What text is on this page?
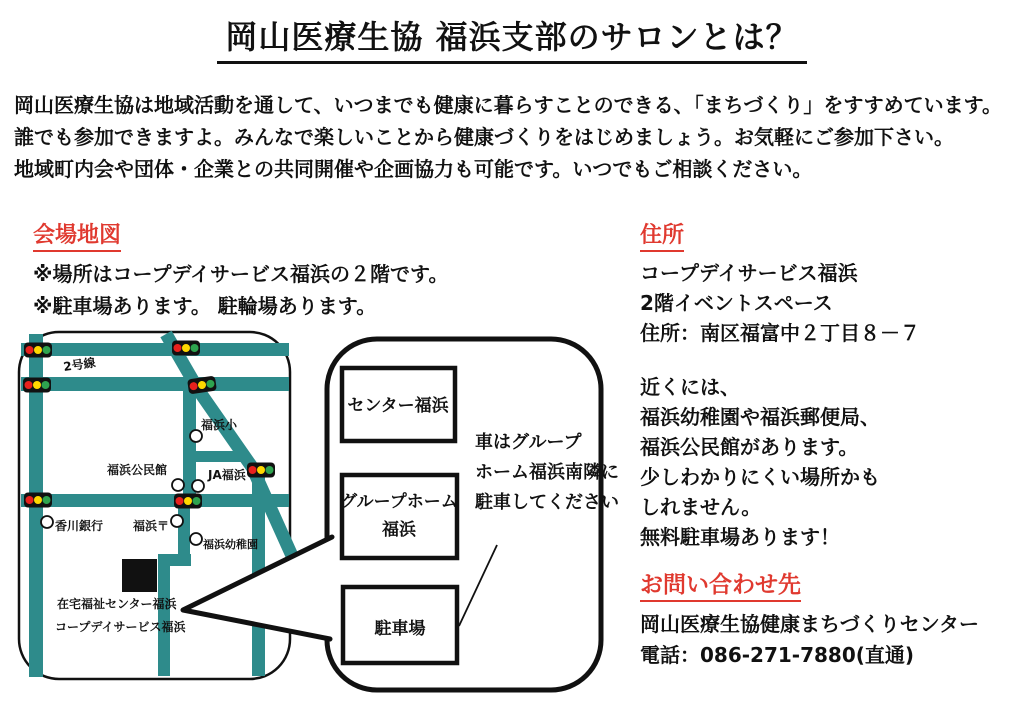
岡山医療生協 福浜支部のサロンとは？
岡山医療生協は地域活動を通して、いつまでも健康に暮らすことのできる、「まちづくり」をすすめています。
誰でも参加できますよ。みんなで楽しいことから健康づくりをはじめましょう。お気軽にご参加下さい。
地域町内会や団体・企業との共同開催や企画協力も可能です。いつでもご相談ください。
会場地図
※場所はコープデイサービス福浜の２階です。
※駐車場あります。 駐輪場あります。
住所
コープデイサービス福浜
2階イベントスペース
住所：南区福富中２丁目８－７
近くには、
福浜幼稚園や福浜郵便局、
福浜公民館があります。
少しわかりにくい場所かも
しれません。
無料駐車場あります！
お問い合わせ先
岡山医療生協健康まちづくりセンター
電話：086-271-7880(直通)
2号線
福浜小
福浜公民館	JA福浜
香川銀行 福浜〒
福浜幼稚園
在宅福祉センター福浜
コープデイサービス福浜
センター福浜
グループホーム
福浜
駐車場
車はグループ
ホーム福浜南隣に
駐車してください
